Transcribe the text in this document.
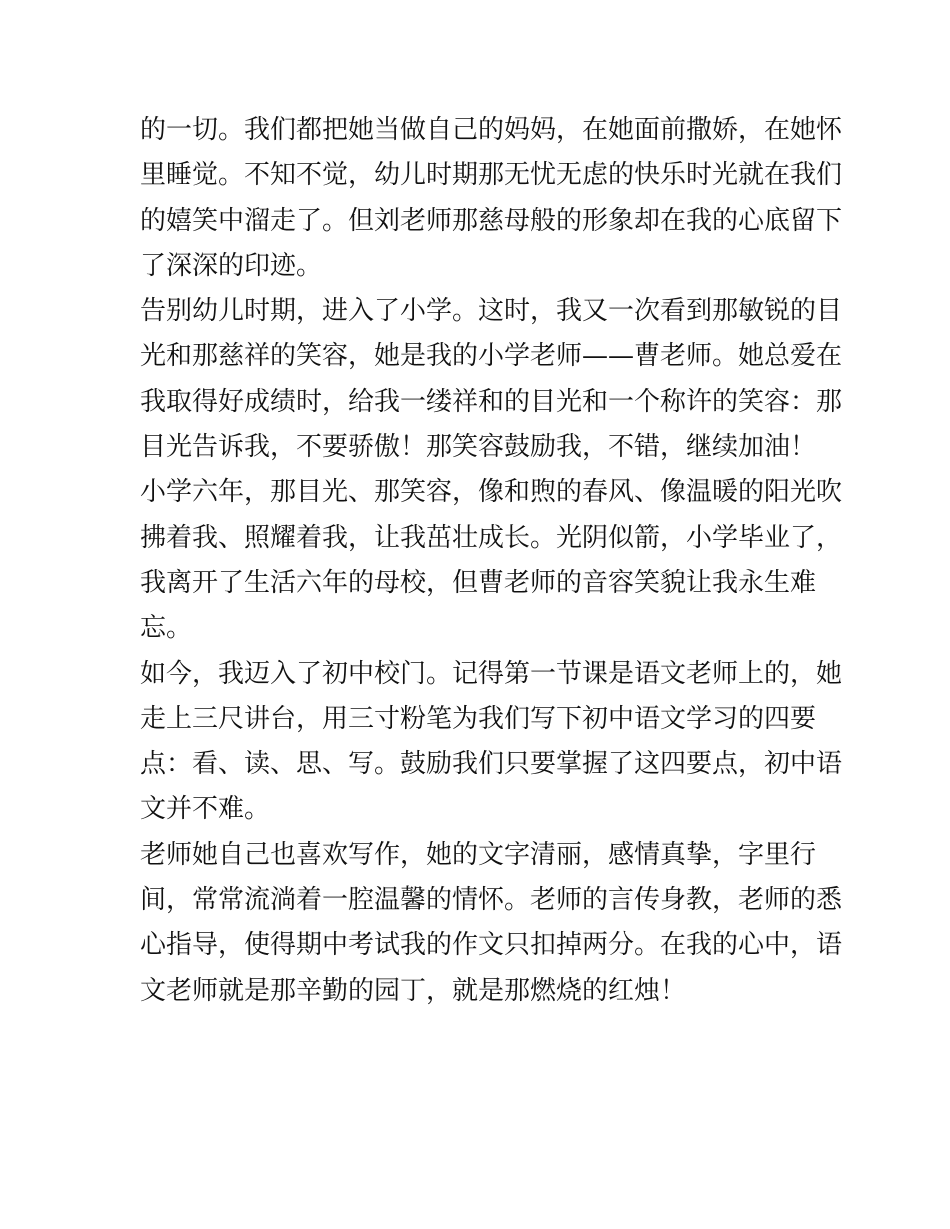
的一切。我们都把她当做自己的妈妈，在她面前撒娇，在她怀
里睡觉。不知不觉，幼儿时期那无忧无虑的快乐时光就在我们
的嬉笑中溜走了。但刘老师那慈母般的形象却在我的心底留下
了深深的印迹。
告别幼儿时期，进入了小学。这时，我又一次看到那敏锐的目
光和那慈祥的笑容，她是我的小学老师——曹老师。她总爱在
我取得好成绩时，给我一缕祥和的目光和一个称许的笑容：那
目光告诉我，不要骄傲！那笑容鼓励我，不错，继续加油！
小学六年，那目光、那笑容，像和煦的春风、像温暖的阳光吹
拂着我、照耀着我，让我茁壮成长。光阴似箭，小学毕业了，
我离开了生活六年的母校，但曹老师的音容笑貌让我永生难
忘。
如今，我迈入了初中校门。记得第一节课是语文老师上的，她
走上三尺讲台，用三寸粉笔为我们写下初中语文学习的四要
点：看、读、思、写。鼓励我们只要掌握了这四要点，初中语
文并不难。
老师她自己也喜欢写作，她的文字清丽，感情真挚，字里行
间，常常流淌着一腔温馨的情怀。老师的言传身教，老师的悉
心指导，使得期中考试我的作文只扣掉两分。在我的心中，语
文老师就是那辛勤的园丁，就是那燃烧的红烛！
